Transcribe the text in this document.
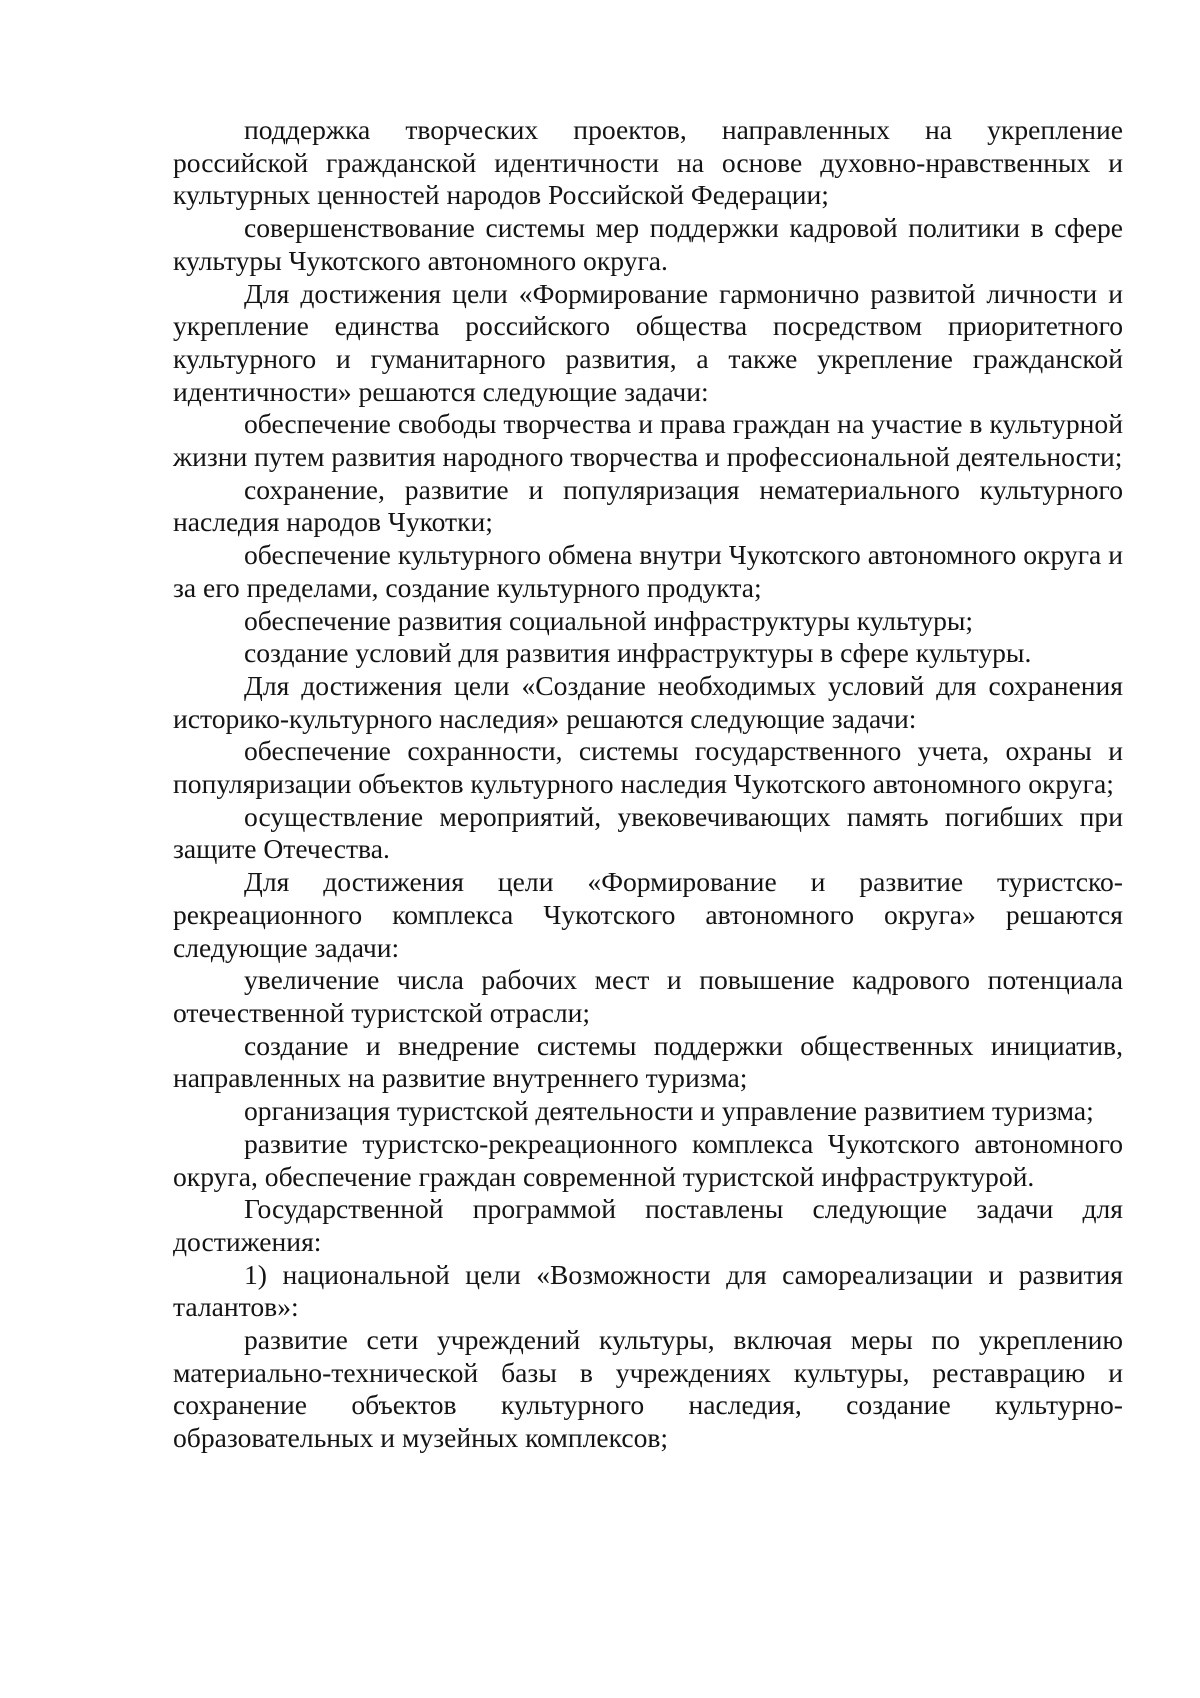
поддержка творческих проектов, направленных на укрепление российской гражданской идентичности на основе духовно-нравственных и культурных ценностей народов Российской Федерации;

совершенствование системы мер поддержки кадровой политики в сфере культуры Чукотского автономного округа.

Для достижения цели «Формирование гармонично развитой личности и укрепление единства российского общества посредством приоритетного культурного и гуманитарного развития, а также укрепление гражданской идентичности» решаются следующие задачи:

обеспечение свободы творчества и права граждан на участие в культурной жизни путем развития народного творчества и профессиональной деятельности;

сохранение, развитие и популяризация нематериального культурного наследия народов Чукотки;

обеспечение культурного обмена внутри Чукотского автономного округа и за его пределами, создание культурного продукта;

обеспечение развития социальной инфраструктуры культуры;

создание условий для развития инфраструктуры в сфере культуры.

Для достижения цели «Создание необходимых условий для сохранения историко-культурного наследия» решаются следующие задачи:

обеспечение сохранности, системы государственного учета, охраны и популяризации объектов культурного наследия Чукотского автономного округа;

осуществление мероприятий, увековечивающих память погибших при защите Отечества.

Для достижения цели «Формирование и развитие туристско-рекреационного комплекса Чукотского автономного округа» решаются следующие задачи:

увеличение числа рабочих мест и повышение кадрового потенциала отечественной туристской отрасли;

создание и внедрение системы поддержки общественных инициатив, направленных на развитие внутреннего туризма;

организация туристской деятельности и управление развитием туризма;

развитие туристско-рекреационного комплекса Чукотского автономного округа, обеспечение граждан современной туристской инфраструктурой.

Государственной программой поставлены следующие задачи для достижения:

1) национальной цели «Возможности для самореализации и развития талантов»:

развитие сети учреждений культуры, включая меры по укреплению материально-технической базы в учреждениях культуры, реставрацию и сохранение объектов культурного наследия, создание культурно-образовательных и музейных комплексов;
